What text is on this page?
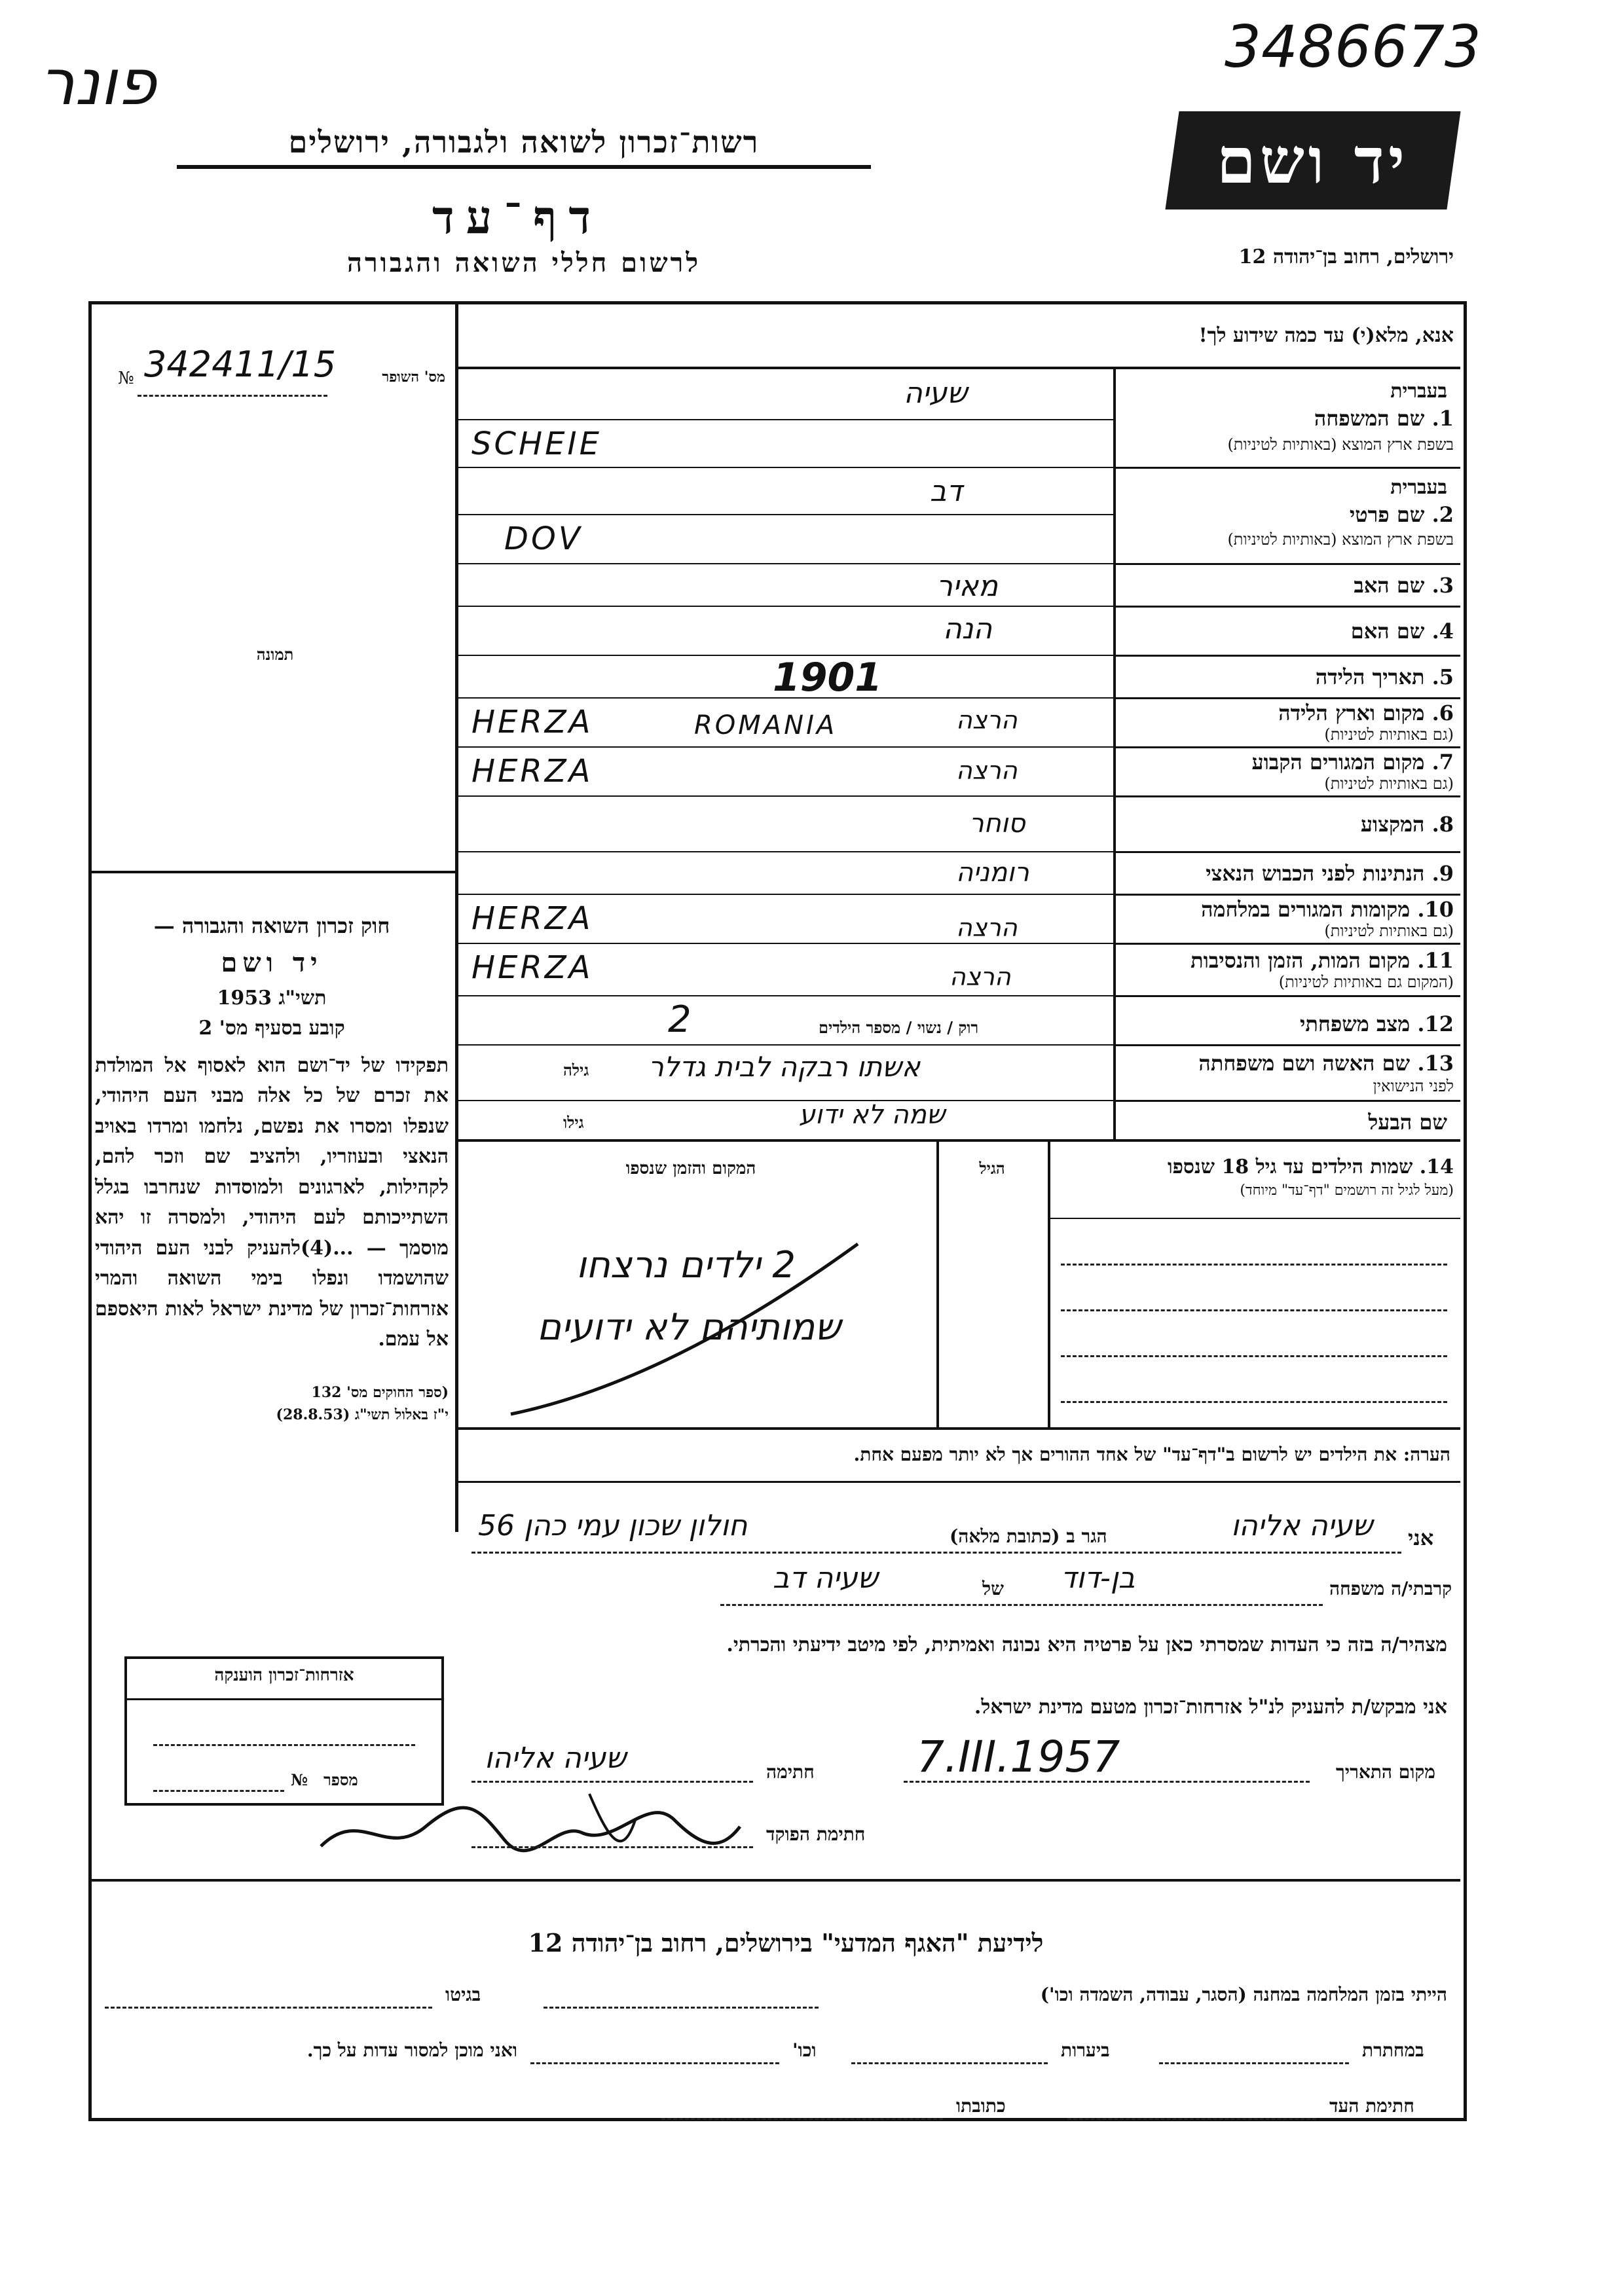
פונר	3486673
רשות־זכרון לשואה ולגבורה, ירושלים
דף־עד
לרשום חללי השואה והגבורה
יד ושם
ירושלים, רחוב בן־יהודה 12
אנא, מלא(י) עד כמה שידוע לך!
№ 342411/15	מס' השופר
תמונה
חוק זכרון השואה והגבורה —
יד ושם
תשי"ג 1953
קובע בסעיף מס' 2
תפקידו של יד־ושם הוא לאסוף אל המולדת את זכרם של כל אלה מבני העם היהודי, שנפלו ומסרו את נפשם, נלחמו ומרדו באויב הנאצי ובעוזריו, ולהציב שם וזכר להם, לקהילות, לארגונים ולמוסדות שנחרבו בגלל השתייכותם לעם היהודי, ולמסרה זו יהא מוסמך — ...(4)להעניק לבני העם היהודי שהושמדו ונפלו בימי השואה והמרי אזרחות־זכרון של מדינת ישראל לאות היאספם אל עמם.
(ספר החוקים מס' 132
י"ז באלול תשי"ג (28.8.53)
בעברית
1. שם המשפחה
בשפת ארץ המוצא (באותיות לטיניות)
שעיה
SCHEIE
בעברית
2. שם פרטי
בשפת ארץ המוצא (באותיות לטיניות)
דב
DOV
3. שם האב
מאיר
4. שם האם
הנה
5. תאריך הלידה
1901
6. מקום וארץ הלידה
(גם באותיות לטיניות)
HERZA	ROMANIA	הרצה
7. מקום המגורים הקבוע
(גם באותיות לטיניות)
HERZA	הרצה
8. המקצוע
סוחר
9. הנתינות לפני הכבוש הנאצי
רומניה
10. מקומות המגורים במלחמה
(גם באותיות לטיניות)
HERZA	הרצה
11. מקום המות, הזמן והנסיבות
(המקום גם באותיות לטיניות)
HERZA	הרצה
12. מצב משפחתי
רוק / נשוי / מספר הילדים
2
13. שם האשה ושם משפחתה
לפני הנישואין
גילה אשתו רבקה לבית גדלר
שם הבעל
גילו	שמה לא ידוע
14. שמות הילדים עד גיל 18 שנספו
(מעל לגיל זה רושמים "דף־עד" מיוחד)
הגיל
המקום והזמן שנספו
2 ילדים נרצחו
שמותיהם לא ידועים
הערה: את הילדים יש לרשום ב"דף־עד" של אחד ההורים אך לא יותר מפעם אחת.
אני
שעיה אליהו
הגר ב (כתובת מלאה)
חולון שכון עמי כהן 56
קרבתי/ה משפחה
בן-דוד
של
שעיה דב
מצהיר/ה בזה כי העדות שמסרתי כאן על פרטיה היא נכונה ואמיתית, לפי מיטב ידיעתי והכרתי.
אני מבקש/ת להעניק לנ"ל אזרחות־זכרון מטעם מדינת ישראל.
מקום התאריך
7.III.1957
חתימה
שעיה אליהו
חתימת הפוקד
אזרחות־זכרון הוענקה
מספר
№
לידיעת "האגף המדעי" בירושלים, רחוב בן־יהודה 12
הייתי בזמן המלחמה במחנה (הסגר, עבודה, השמדה וכו')
בגיטו
במחתרת
ביערות
וכו'
ואני מוכן למסור עדות על כך.
חתימת העד
כתובתו
